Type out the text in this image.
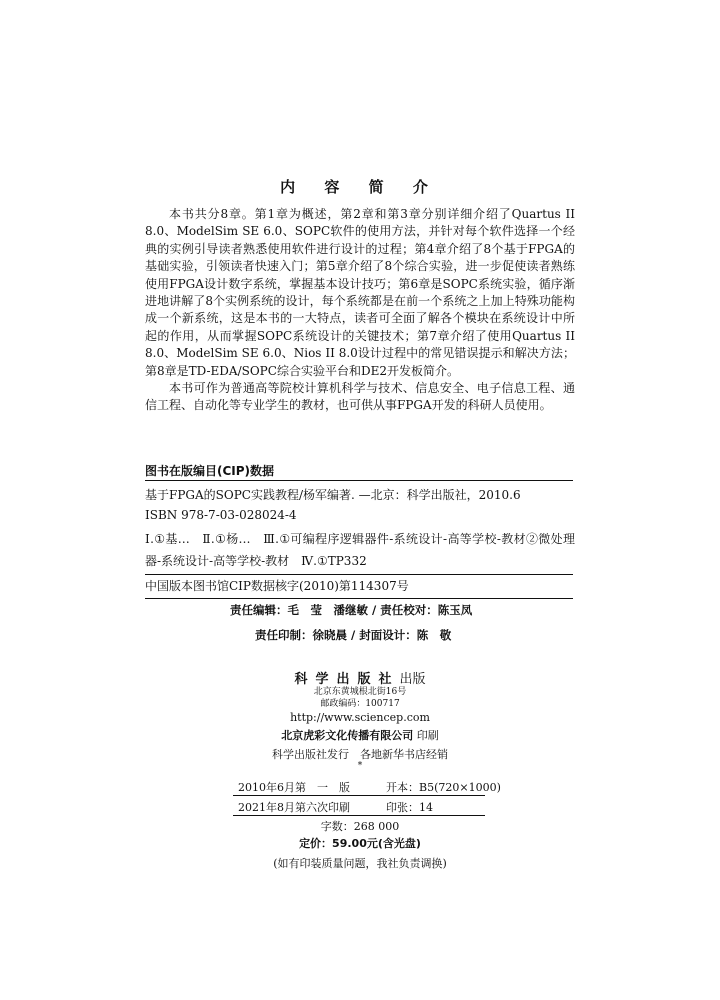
内 容 简 介

本书共分8章。第1章为概述，第2章和第3章分别详细介绍了Quartus II 8.0、ModelSim SE 6.0、SOPC软件的使用方法，并针对每个软件选择一个经典的实例引导读者熟悉使用软件进行设计的过程；第4章介绍了8个基于FPGA的基础实验，引领读者快速入门；第5章介绍了8个综合实验，进一步促使读者熟练使用FPGA设计数字系统，掌握基本设计技巧；第6章是SOPC系统实验，循序渐进地讲解了8个实例系统的设计，每个系统都是在前一个系统之上加上特殊功能构成一个新系统，这是本书的一大特点，读者可全面了解各个模块在系统设计中所起的作用，从而掌握SOPC系统设计的关键技术；第7章介绍了使用Quartus II 8.0、ModelSim SE 6.0、Nios II 8.0设计过程中的常见错误提示和解决方法；第8章是TD-EDA/SOPC综合实验平台和DE2开发板简介。

本书可作为普通高等院校计算机科学与技术、信息安全、电子信息工程、通信工程、自动化等专业学生的教材，也可供从事FPGA开发的科研人员使用。

图书在版编目(CIP)数据
基于FPGA的SOPC实践教程/杨军编著. —北京：科学出版社，2010.6
ISBN 978-7-03-028024-4
Ⅰ.①基…　Ⅱ.①杨…　Ⅲ.①可编程序逻辑器件-系统设计-高等学校-教材②微处理器-系统设计-高等学校-教材　Ⅳ.①TP332
中国版本图书馆CIP数据核字(2010)第114307号
责任编辑：毛　莹　潘继敏 / 责任校对：陈玉凤
责任印制：徐晓晨 / 封面设计：陈　敬
科学出版社出版
北京东黄城根北街16号
邮政编码：100717
http://www.sciencep.com
北京虎彩文化传播有限公司 印刷
科学出版社发行　各地新华书店经销
*
2010年6月第　一　版	开本：B5(720×1000)
2021年8月第六次印刷	印张：14
字数：268 000
定价：59.00元(含光盘)
(如有印装质量问题，我社负责调换)
